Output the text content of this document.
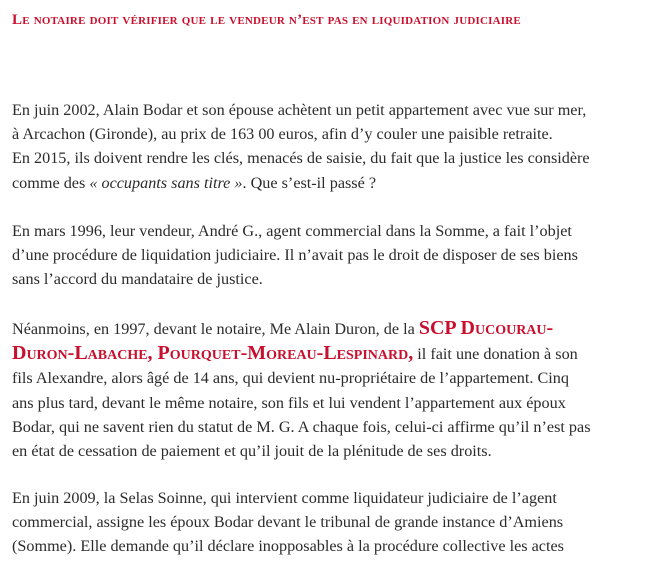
Le notaire doit vérifier que le vendeur n’est pas en liquidation judiciaire
En juin 2002, Alain Bodar et son épouse achètent un petit appartement avec vue sur mer,
à Arcachon (Gironde), au prix de 163 00 euros, afin d’y couler une paisible retraite.
En 2015, ils doivent rendre les clés, menacés de saisie, du fait que la justice les considère
comme des « occupants sans titre ». Que s’est-il passé ?
En mars 1996, leur vendeur, André G., agent commercial dans la Somme, a fait l’objet
d’une procédure de liquidation judiciaire. Il n’avait pas le droit de disposer de ses biens
sans l’accord du mandataire de justice.
Néanmoins, en 1997, devant le notaire, Me Alain Duron, de la SCP Ducourau-
Duron-Labache, Pourquet-Moreau-Lespinard, il fait une donation à son
fils Alexandre, alors âgé de 14 ans, qui devient nu-propriétaire de l’appartement. Cinq
ans plus tard, devant le même notaire, son fils et lui vendent l’appartement aux époux
Bodar, qui ne savent rien du statut de M. G. A chaque fois, celui-ci affirme qu’il n’est pas
en état de cessation de paiement et qu’il jouit de la plénitude de ses droits.
En juin 2009, la Selas Soinne, qui intervient comme liquidateur judiciaire de l’agent
commercial, assigne les époux Bodar devant le tribunal de grande instance d’Amiens
(Somme). Elle demande qu’il déclare inopposables à la procédure collective les actes
